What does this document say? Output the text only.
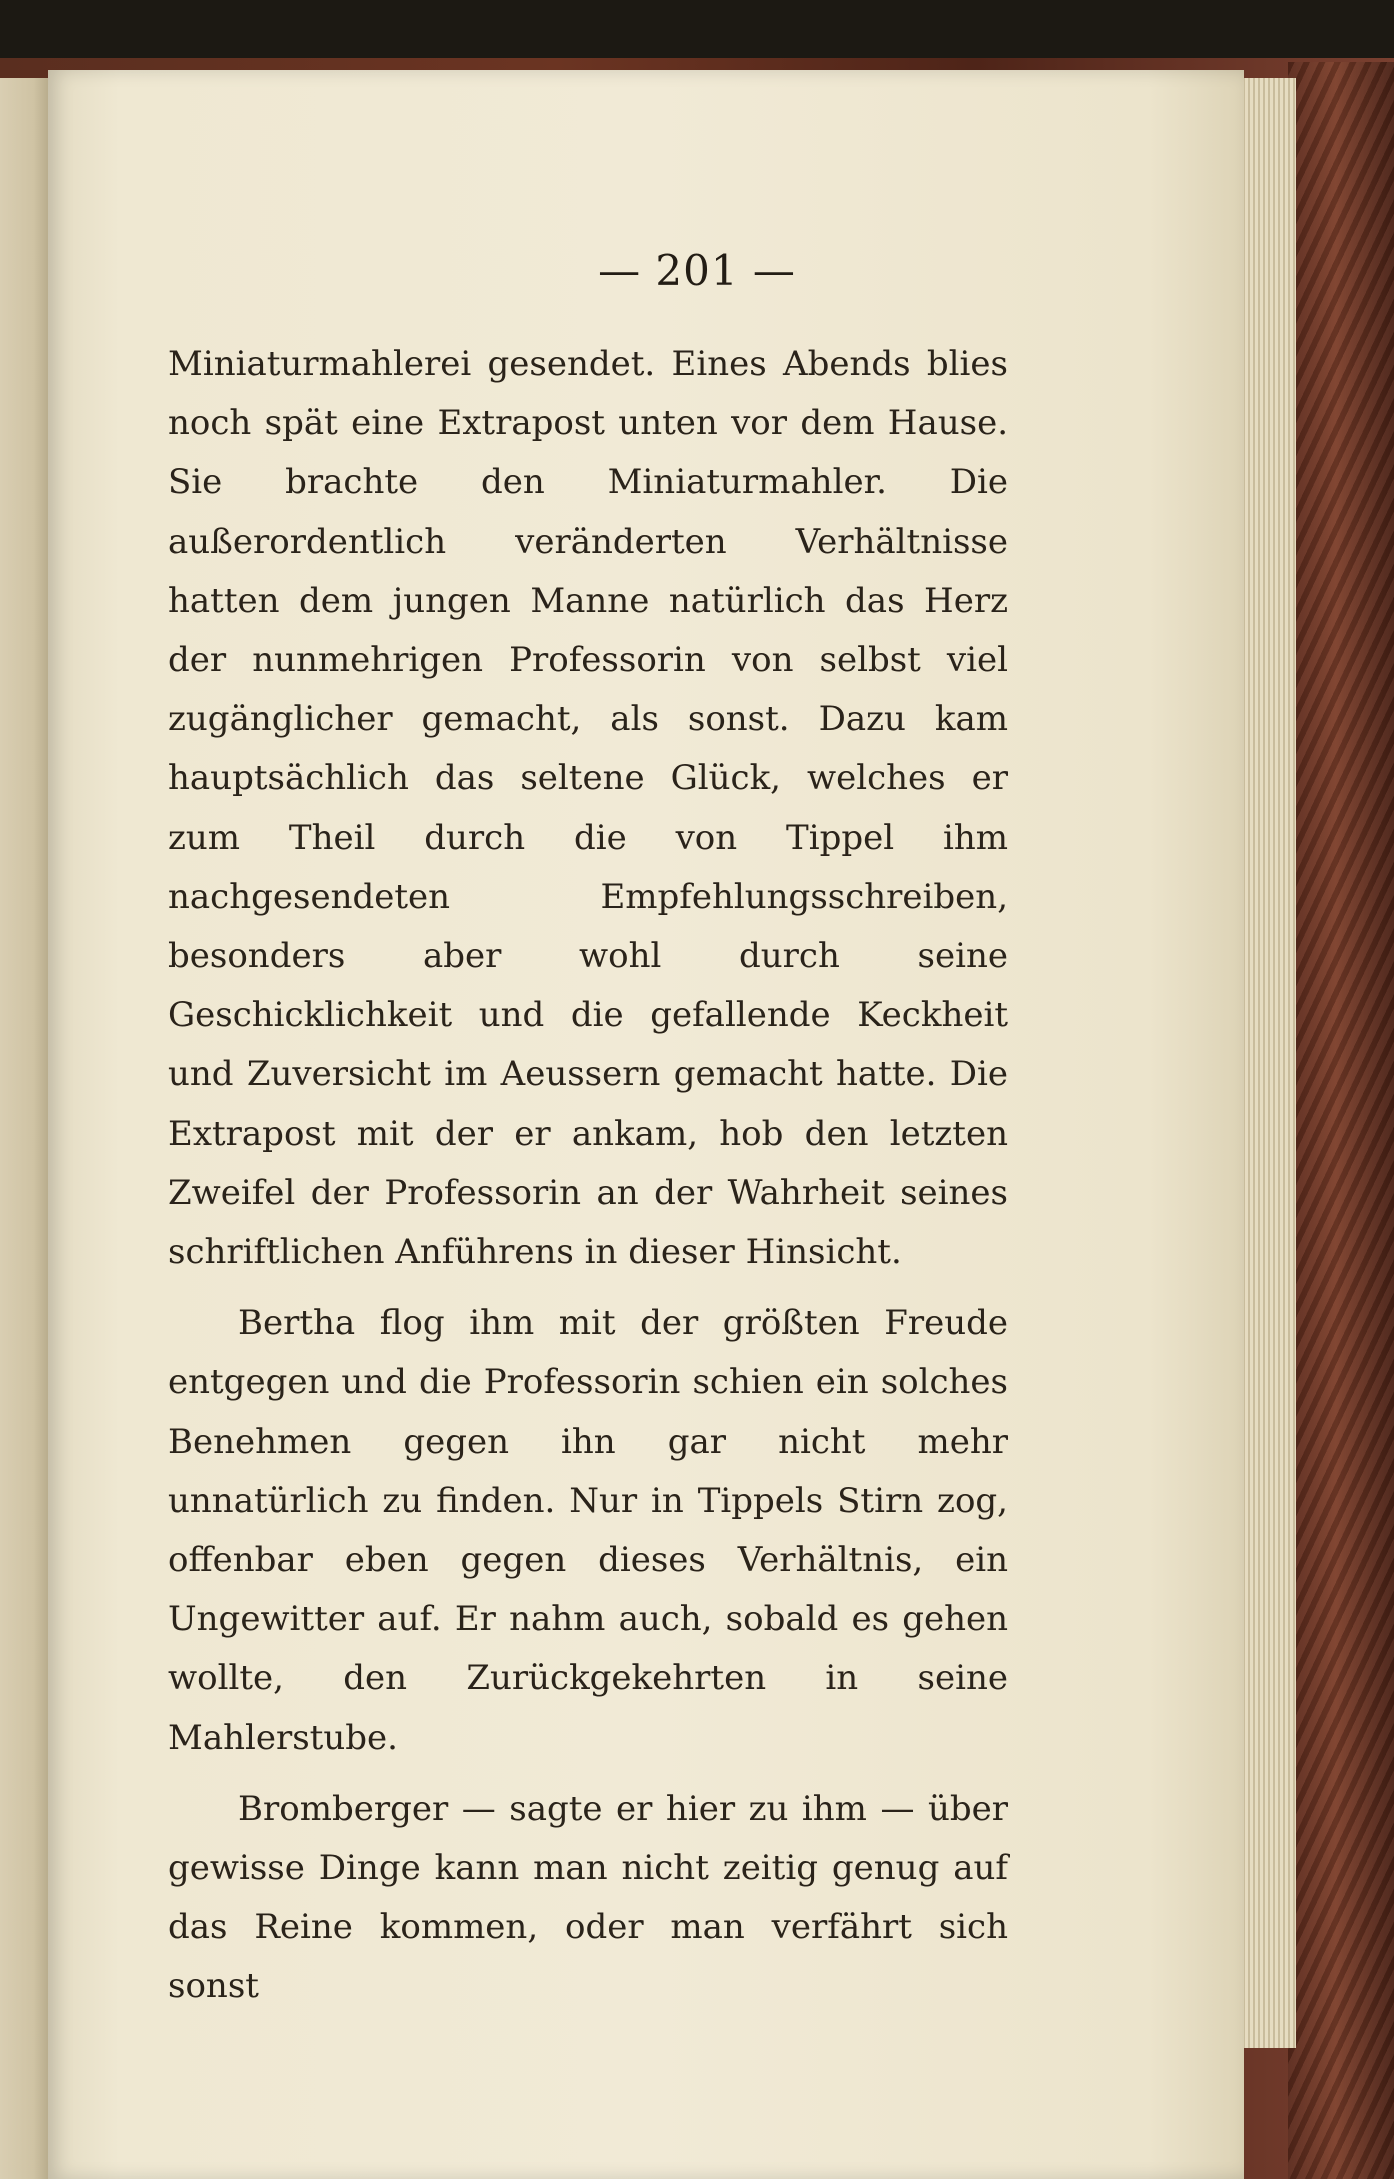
— 201 —

Miniaturmahlerei gesendet. Eines Abends blies noch spät eine Extrapost unten vor dem Hause. Sie brachte den Miniaturmahler. Die außerordentlich veränderten Verhältnisse hatten dem jungen Manne natürlich das Herz der nunmehrigen Professorin von selbst viel zugänglicher gemacht, als sonst. Dazu kam hauptsächlich das seltene Glück, welches er zum Theil durch die von Tippel ihm nachgesendeten Empfehlungsschreiben, besonders aber wohl durch seine Geschicklichkeit und die gefallende Keckheit und Zuversicht im Aeussern gemacht hatte. Die Extrapost mit der er ankam, hob den letzten Zweifel der Professorin an der Wahrheit seines schriftlichen Anführens in dieser Hinsicht.

Bertha flog ihm mit der größten Freude entgegen und die Professorin schien ein solches Benehmen gegen ihn gar nicht mehr unnatürlich zu finden. Nur in Tippels Stirn zog, offenbar eben gegen dieses Verhältnis, ein Ungewitter auf. Er nahm auch, sobald es gehen wollte, den Zurückgekehrten in seine Mahlerstube.

Bromberger — sagte er hier zu ihm — über gewisse Dinge kann man nicht zeitig genug auf das Reine kommen, oder man verfährt sich sonst
